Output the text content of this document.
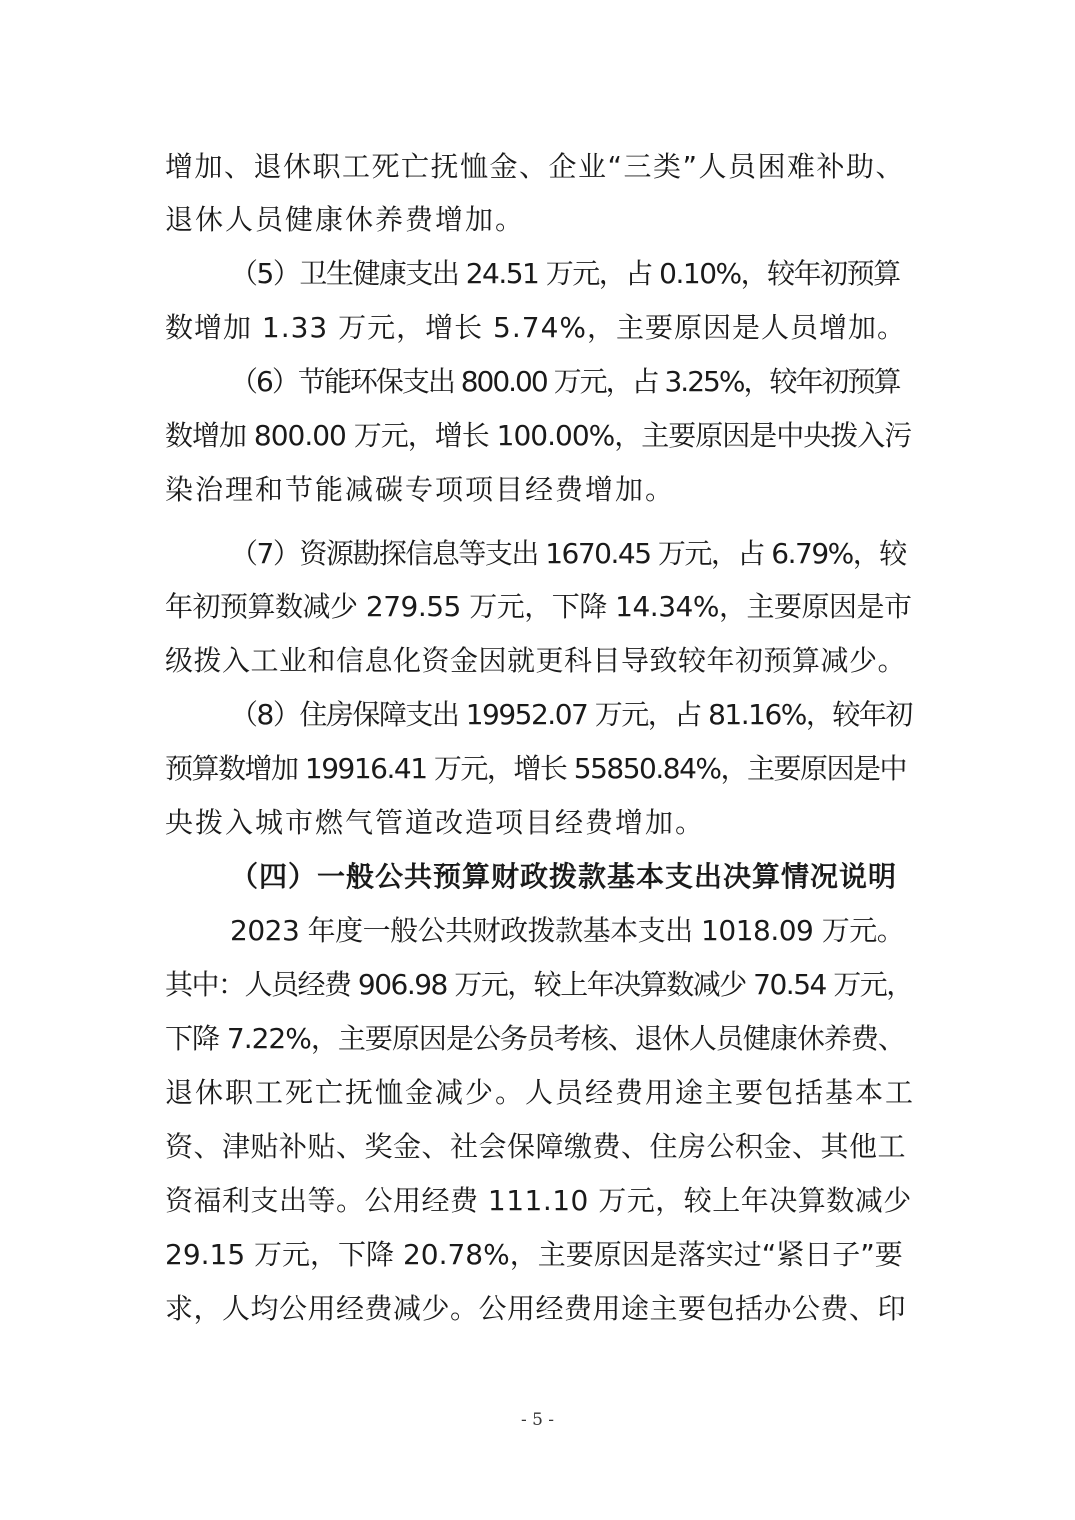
增加、退休职工死亡抚恤金、企业“三类”人员困难补助、
退休人员健康休养费增加。
（5）卫生健康支出 24.51 万元，占 0.10%，较年初预算
数增加 1.33 万元，增长 5.74%，主要原因是人员增加。
（6）节能环保支出 800.00 万元，占 3.25%，较年初预算
数增加 800.00 万元，增长 100.00%，主要原因是中央拨入污
染治理和节能减碳专项项目经费增加。
（7）资源勘探信息等支出 1670.45 万元，占 6.79%，较
年初预算数减少 279.55 万元，下降 14.34%，主要原因是市
级拨入工业和信息化资金因就更科目导致较年初预算减少。
（8）住房保障支出 19952.07 万元，占 81.16%，较年初
预算数增加 19916.41 万元，增长 55850.84%，主要原因是中
央拨入城市燃气管道改造项目经费增加。
（四）一般公共预算财政拨款基本支出决算情况说明
2023 年度一般公共财政拨款基本支出 1018.09 万元。
其中：人员经费 906.98 万元，较上年决算数减少 70.54 万元，
下降 7.22%，主要原因是公务员考核、退休人员健康休养费、
退休职工死亡抚恤金减少。人员经费用途主要包括基本工
资、津贴补贴、奖金、社会保障缴费、住房公积金、其他工
资福利支出等。公用经费 111.10 万元，较上年决算数减少
29.15 万元，下降 20.78%，主要原因是落实过“紧日子”要
求，人均公用经费减少。公用经费用途主要包括办公费、印
- 5 -
